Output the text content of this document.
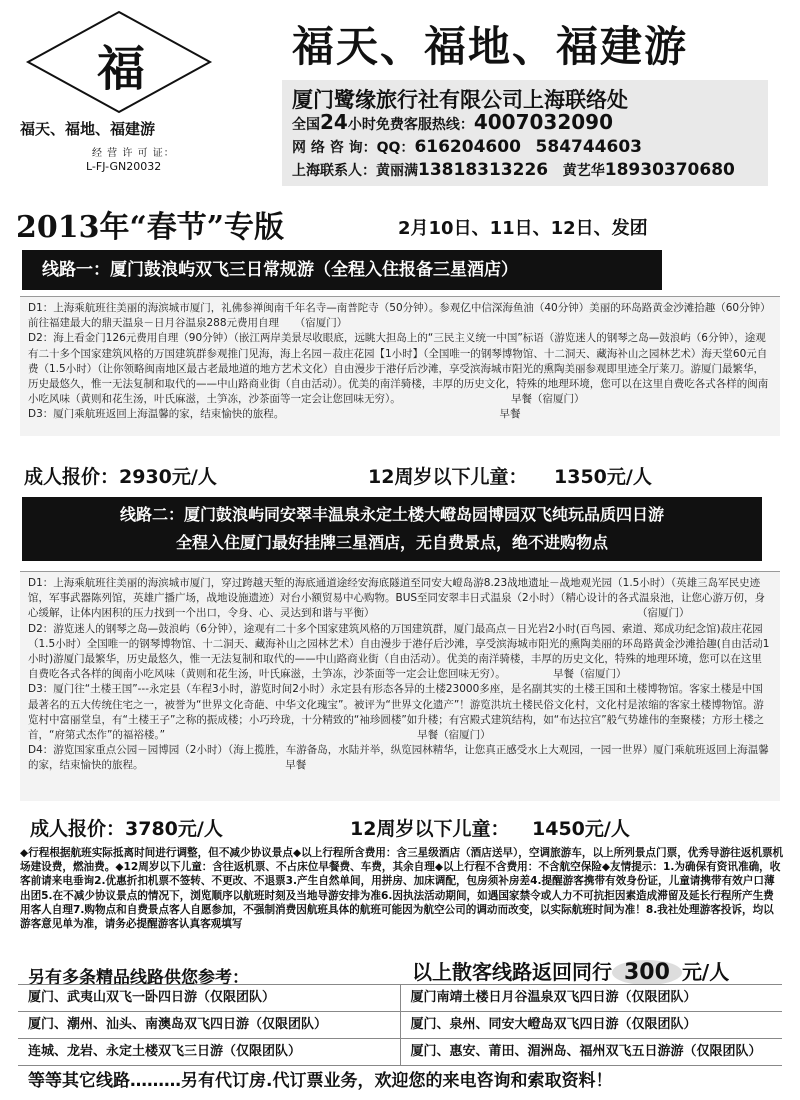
福
福天、福地、福建游
经 营 许 可 证：
L-FJ-GN20032
福天、福地、福建游
厦门鹭缘旅行社有限公司上海联络处
全国24小时免费客服热线：4007032090
网 络 咨 询：QQ：616204600 584744603
上海联系人：黄丽满13818313226 黄艺华18930370680
2013年“春节”专版	2月10日、11日、12日、发团
线路一：厦门鼓浪屿双飞三日常规游（全程入住报备三星酒店）

D1：上海乘航班往美丽的海滨城市厦门，礼佛参禅闽南千年名寺—南普陀寺（50分钟）。参观亿中信深海鱼油（40分钟）美丽的环岛路黄金沙滩拾趣（60分钟）前往福建最大的鼎天温泉－日月谷温泉288元费用自理　　（宿厦门）

D2：海上看金门126元费用自理（90分钟）（嵌江两岸美景尽收眼底，远眺大担岛上的“三民主义统一中国”标语（游览迷人的钢琴之岛—鼓浪屿（6分钟），途观有二十多个国家建筑风格的万国建筑群参观推门见海，海上名园－菽庄花园【1小时】（全国唯一的钢琴博物馆、十二洞天、藏海补山之园林艺术）海天堂60元自费（1.5小时）（让你领略闽南地区最古老最地道的地方艺术文化）自由漫步于港仔后沙滩，享受滨海城市阳光的熏陶美丽参观即里迹全厅莱刀。游厦门最繁华，历史最悠久，惟一无法复制和取代的——中山路商业街（自由活动）。优美的南洋骑楼，丰厚的历史文化，特殊的地理环境，您可以在这里自费吃各式各样的闽南小吃风味（黄则和花生汤，叶氏麻滋，土笋冻，沙茶面等一定会让您回味无穷）。　　　　　　　　　　　早餐（宿厦门）

D3：厦门乘航班返回上海温馨的家，结束愉快的旅程。　　　　　　　　　　　　　　　　　　　　　早餐

成人报价：2930元/人	12周岁以下儿童： 1350元/人
线路二：厦门鼓浪屿同安翠丰温泉永定土楼大嶝岛园博园双飞纯玩品质四日游
全程入住厦门最好挂牌三星酒店，无自费景点，绝不进购物点

D1：上海乘航班往美丽的海滨城市厦门，穿过跨越天堑的海底通道途经安海底隧道至同安大嶝岛游8.23战地遗址－战地观光园（1.5小时）（英雄三岛军民史迹馆，军事武器陈列馆，英雄广播广场，战地设施遗迹）对台小额贸易中心购物。BUS至同安翠丰日式温泉（2小时）（精心设计的各式温泉池，让您心游万仞，身心缓解，让体内困积的压力找到一个出口，令身、心、灵达到和谐与平衡）　　　　　　　　　　　　　　　　　　　　　　　　　　（宿厦门）

D2：游览迷人的钢琴之岛—鼓浪屿（6分钟），途观有二十多个国家建筑风格的万国建筑群，厦门最高点－日光岩2小时(百鸟园、索道、郑成功纪念馆)菽庄花园（1.5小时）全国唯一的钢琴博物馆、十二洞天、藏海补山之园林艺术）自由漫步于港仔后沙滩，享受滨海城市阳光的熏陶美丽的环岛路黄金沙滩拾趣(自由活动1小时)游厦门最繁华，历史最悠久，惟一无法复制和取代的——中山路商业街（自由活动）。优美的南洋骑楼，丰厚的历史文化，特殊的地理环境，您可以在这里自费吃各式各样的闽南小吃风味（黄则和花生汤，叶氏麻滋，土笋冻，沙茶面等一定会让您回味无穷）。　　　　　早餐（宿厦门）

D3：厦门往“土楼王国”---永定县（车程3小时，游览时间2小时）永定县有形态各异的土楼23000多座，是名副其实的土楼王国和土楼博物馆。客家土楼是中国最著名的五大传统住宅之一，被誉为“世界文化奇葩、中华文化瑰宝”。被评为“世界文化遗产”！游览洪坑土楼民俗文化村，文化村是浓缩的客家土楼博物馆。游览村中富丽堂皇，有“土楼王子”之称的振成楼；小巧玲珑，十分精致的“袖珍圆楼”如升楼；有宫殿式建筑结构，如“布达拉宫”般气势雄伟的奎聚楼；方形土楼之首，“府第式杰作”的福裕楼。”　　　　　　　　　　　　　　　　　　　　　　　　早餐（宿厦门）

D4：游览国家重点公园－园博园（2小时）（海上揽胜，车游备岛，水陆并举，纵览园林精华，让您真正感受水上大观园，一园一世界）厦门乘航班返回上海温馨的家，结束愉快的旅程。　　　　　　　　　　　　　　早餐

成人报价：3780元/人	12周岁以下儿童： 1450元/人
◆行程根据航班实际抵离时间进行调整，但不减少协议景点◆以上行程所含费用：含三星级酒店（酒店送早），空调旅游车，以上所列景点门票，优秀导游往返机票机场建设费，燃油费。◆12周岁以下儿童：含往返机票、不占床位早餐费、车费，其余自理◆以上行程不含费用：不含航空保险◆友情提示：1.为确保有资讯准确，收客前请来电垂询2.优惠折扣机票不签转、不更改、不退票3.产生自然单间，用拼房、加床调配，包房须补房差4.提醒游客携带有效身份证，儿童请携带有效户口薄出团5.在不减少协议景点的情况下，浏览顺序以航班时刻及当地导游安排为准6.因执法活动期间，如遇国家禁令或人力不可抗拒因素造成滞留及延长行程所产生费用客人自理7.购物点和自费景点客人自愿参加，不强制消费因航班具体的航班可能因为航空公司的调动而改变，以实际航班时间为准！8.我社处理游客投诉，均以游客意见单为准，请务必提醒游客认真客观填写
另有多条精品线路供您参考：	以上散客线路返回同行 300 元/人
厦门、武夷山双飞一卧四日游（仅限团队）	厦门南靖土楼日月谷温泉双飞四日游（仅限团队）
厦门、潮州、汕头、南澳岛双飞四日游（仅限团队）	厦门、泉州、同安大嶝岛双飞四日游（仅限团队）
连城、龙岩、永定土楼双飞三日游（仅限团队）	厦门、惠安、莆田、湄洲岛、福州双飞五日游游（仅限团队）
等等其它线路………另有代订房.代订票业务，欢迎您的来电咨询和索取资料！
